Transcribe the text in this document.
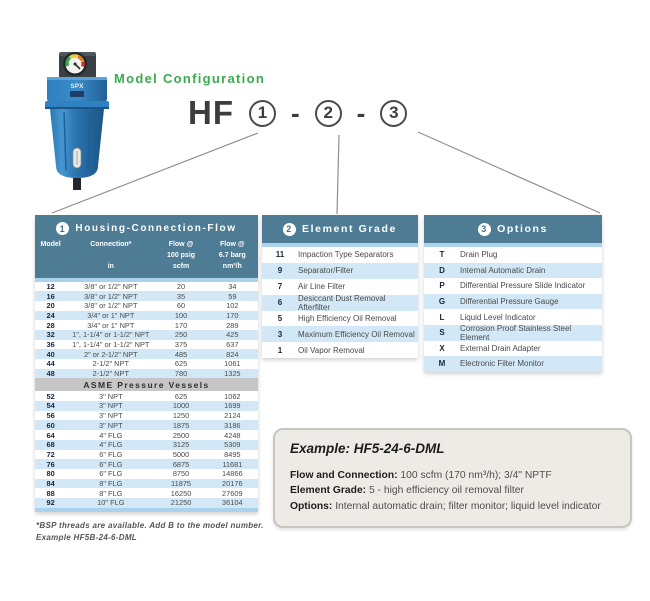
SPX
Model Configuration
HF	1 -	2 -	3
1 Housing-Connection-Flow
Model	Connection*

in
Flow @
100 psig
scfm
Flow @
6.7 barg
nm³/h
12	3/8" or 1/2" NPT	20	34
16	3/8" or 1/2" NPT	35	59
20	3/8" or 1/2" NPT	60	102
24	3/4" or 1" NPT	100	170
28	3/4" or 1" NPT	170	289
32	1", 1-1/4" or 1-1/2" NPT	250	425
36	1", 1-1/4" or 1-1/2" NPT	375	637
40	2" or 2-1/2" NPT	485	824
44	2-1/2" NPT	625	1061
48	2-1/2" NPT	780	1325
ASME Pressure Vessels
52	3" NPT	625	1062
54	3" NPT	1000	1699
56	3" NPT	1250	2124
60	3" NPT	1875	3186
64	4" FLG	2500	4248
68	4" FLG	3125	5309
72	6" FLG	5000	8495
76	6" FLG	6875	11681
80	6" FLG	8750	14866
84	8" FLG	11875	20176
88	8" FLG	16250	27609
92	10" FLG	21250	36104
*BSP threads are available. Add B to the model number.
Example HF5B-24-6-DML
2 Element Grade
11	Impaction Type Separators
9	Separator/Filter
7	Air Line Filter
6	Desiccant Dust Removal Afterfilter
5	High Efficiency Oil Removal
3	Maximum Efficiency Oil Removal
1	Oil Vapor Removal
3 Options
T	Drain Plug
D	Internal Automatic Drain
P	Differential Pressure Slide Indicator
G	Differential Pressure Gauge
L	Liquid Level Indicator
S	Corrosion Proof Stainless Steel Element
X	External Drain Adapter
M	Electronic Filter Monitor
Example: HF5-24-6-DML
Flow and Connection: 100 scfm (170 nm³/h); 3/4" NPTF
Element Grade: 5 - high efficiency oil removal filter
Options: Internal automatic drain; filter monitor; liquid level indicator
